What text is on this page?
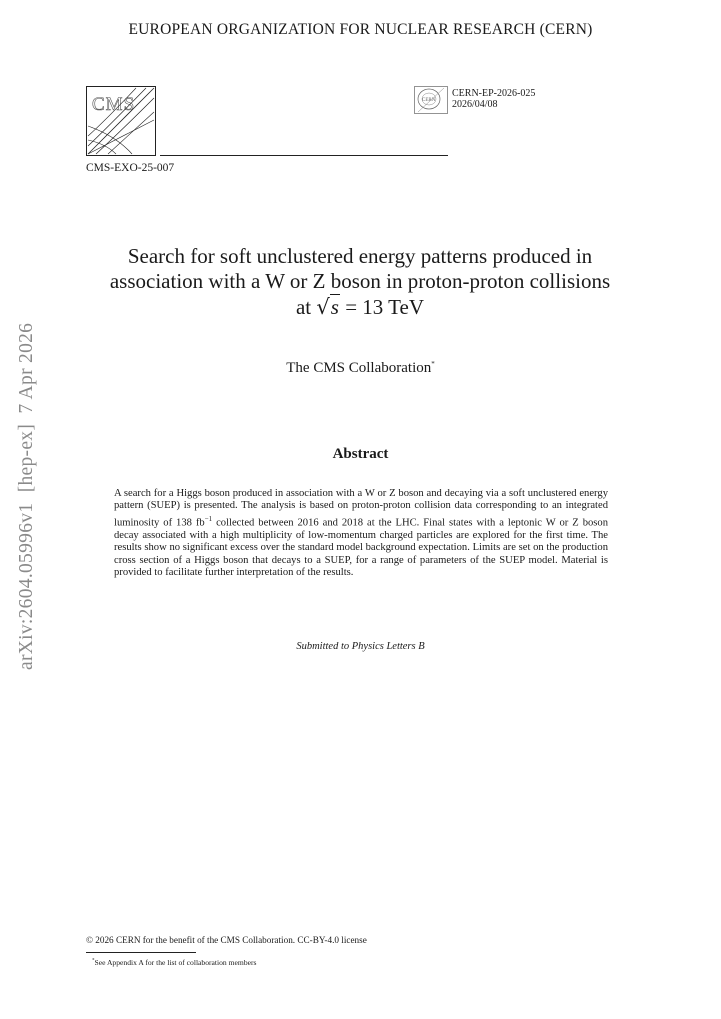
EUROPEAN ORGANIZATION FOR NUCLEAR RESEARCH (CERN)
CMS
CMS-EXO-25-007
CERN
CERN-EP-2026-025
2026/04/08
Search for soft unclustered energy patterns produced in
association with a W or Z boson in proton-proton collisions
at √s = 13 TeV
The CMS Collaboration*
Abstract
A search for a Higgs boson produced in association with a W or Z boson and decaying via a soft unclustered energy pattern (SUEP) is presented. The analysis is based on proton-proton collision data corresponding to an integrated luminosity of 138 $fb^{-1}$ collected between 2016 and 2018 at the LHC. Final states with a leptonic W or Z boson decay associated with a high multiplicity of low-momentum charged particles are explored for the first time. The results show no significant excess over the standard model background expectation. Limits are set on the production cross section of a Higgs boson that decays to a SUEP, for a range of parameters of the SUEP model. Material is provided to facilitate further interpretation of the results.
Submitted to Physics Letters B
arXiv:2604.05996v1  [hep-ex]  7 Apr 2026
© 2026 CERN for the benefit of the CMS Collaboration. CC-BY-4.0 license
*See Appendix A for the list of collaboration members
